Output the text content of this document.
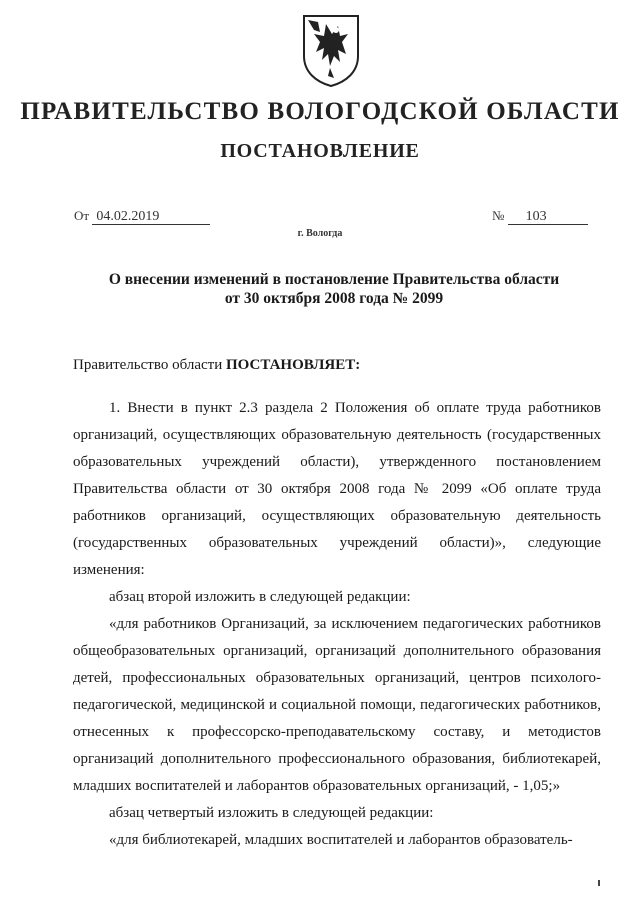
ПРАВИТЕЛЬСТВО ВОЛОГОДСКОЙ ОБЛАСТИ
ПОСТАНОВЛЕНИЕ
От 04.02.2019	№ 103
г. Вологда
О внесении изменений в постановление Правительства области
от 30 октября 2008 года № 2099
Правительство области ПОСТАНОВЛЯЕТ:

1. Внести в пункт 2.3 раздела 2 Положения об оплате труда работников организаций, осуществляющих образовательную деятельность (государственных образовательных учреждений области), утвержденного постановлением Правительства области от 30 октября 2008 года № 2099 «Об оплате труда работников организаций, осуществляющих образовательную деятельность (государственных образовательных учреждений области)», следующие изменения:

абзац второй изложить в следующей редакции:

«для работников Организаций, за исключением педагогических работников общеобразовательных организаций, организаций дополнительного образования детей, профессиональных образовательных организаций, центров психолого-педагогической, медицинской и социальной помощи, педагогических работников, отнесенных к профессорско-преподавательскому составу, и методистов организаций дополнительного профессионального образования, библиотекарей, младших воспитателей и лаборантов образовательных организаций, - 1,05;»

абзац четвертый изложить в следующей редакции:

«для библиотекарей, младших воспитателей и лаборантов образователь-
